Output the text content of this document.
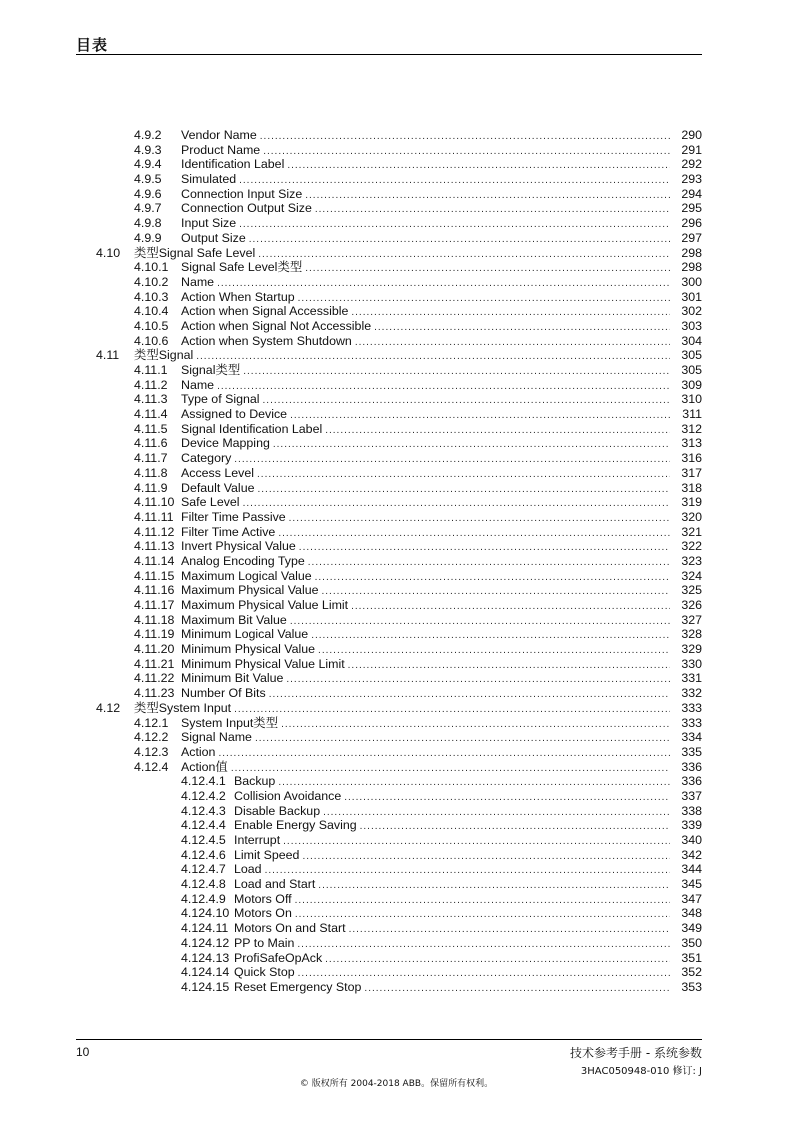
目表
4.9.2 Vendor Name .....	290
4.9.3 Product Name .....	291
4.9.4 Identification Label .....	292
4.9.5 Simulated .....	293
4.9.6 Connection Input Size .....	294
4.9.7 Connection Output Size .....	295
4.9.8 Input Size .....	296
4.9.9 Output Size .....	297
4.10 类型Signal Safe Level .....	298
4.10.1 Signal Safe Level类型 .....	298
4.10.2 Name .....	300
4.10.3 Action When Startup .....	301
4.10.4 Action when Signal Accessible .....	302
4.10.5 Action when Signal Not Accessible .....	303
4.10.6 Action when System Shutdown .....	304
4.11 类型Signal .....	305
4.11.1 Signal类型 .....	305
4.11.2 Name .....	309
4.11.3 Type of Signal .....	310
4.11.4 Assigned to Device .....	311
4.11.5 Signal Identification Label .....	312
4.11.6 Device Mapping .....	313
4.11.7 Category .....	316
4.11.8 Access Level .....	317
4.11.9 Default Value .....	318
4.11.10 Safe Level .....	319
4.11.11 Filter Time Passive .....	320
4.11.12 Filter Time Active .....	321
4.11.13 Invert Physical Value .....	322
4.11.14 Analog Encoding Type .....	323
4.11.15 Maximum Logical Value .....	324
4.11.16 Maximum Physical Value .....	325
4.11.17 Maximum Physical Value Limit .....	326
4.11.18 Maximum Bit Value .....	327
4.11.19 Minimum Logical Value .....	328
4.11.20 Minimum Physical Value .....	329
4.11.21 Minimum Physical Value Limit .....	330
4.11.22 Minimum Bit Value .....	331
4.11.23 Number Of Bits .....	332
4.12 类型System Input .....	333
4.12.1 System Input类型 .....	333
4.12.2 Signal Name .....	334
4.12.3 Action .....	335
4.12.4 Action值 .....	336
4.12.4.1 Backup .....	336
4.12.4.2 Collision Avoidance .....	337
4.12.4.3 Disable Backup .....	338
4.12.4.4 Enable Energy Saving .....	339
4.12.4.5 Interrupt .....	340
4.12.4.6 Limit Speed .....	342
4.12.4.7 Load .....	344
4.12.4.8 Load and Start .....	345
4.12.4.9 Motors Off .....	347
4.124.10 Motors On .....	348
4.124.11 Motors On and Start .....	349
4.124.12 PP to Main .....	350
4.124.13 ProfiSafeOpAck .....	351
4.124.14 Quick Stop .....	352
4.124.15 Reset Emergency Stop .....	353
10	技术参考手册 - 系统参数
3HAC050948-010 修订: J
© 版权所有 2004-2018 ABB。保留所有权利。
